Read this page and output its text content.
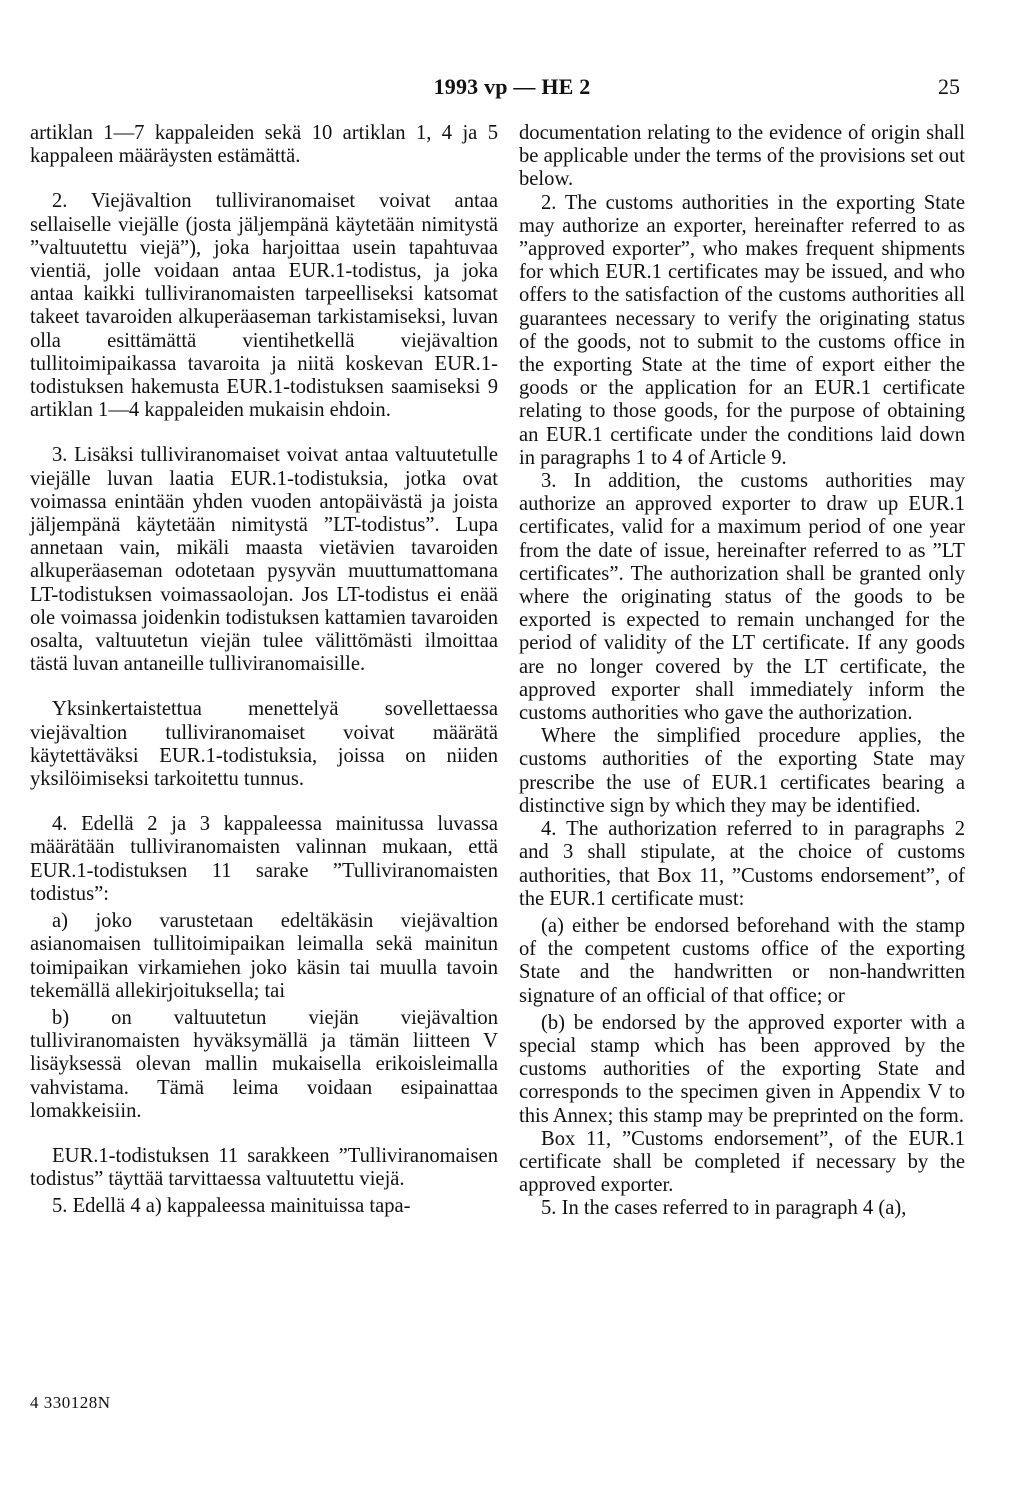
1993 vp — HE 2	25

artiklan 1—7 kappaleiden sekä 10 artiklan 1, 4 ja 5 kappaleen määräysten estämättä.

2. Viejävaltion tulliviranomaiset voivat antaa sellaiselle viejälle (josta jäljempänä käytetään nimitystä ”valtuutettu viejä”), joka harjoittaa usein tapahtuvaa vientiä, jolle voidaan antaa EUR.1-todistus, ja joka antaa kaikki tulliviranomaisten tarpeelliseksi katsomat takeet tavaroiden alkuperäaseman tarkistamiseksi, luvan olla esittämättä vientihetkellä viejävaltion tullitoimipaikassa tavaroita ja niitä koskevan EUR.1-todistuksen hakemusta EUR.1-todistuksen saamiseksi 9 artiklan 1—4 kappaleiden mukaisin ehdoin.

3. Lisäksi tulliviranomaiset voivat antaa valtuutetulle viejälle luvan laatia EUR.1-todistuksia, jotka ovat voimassa enintään yhden vuoden antopäivästä ja joista jäljempänä käytetään nimitystä ”LT-todistus”. Lupa annetaan vain, mikäli maasta vietävien tavaroiden alkuperäaseman odotetaan pysyvän muuttumattomana LT-todistuksen voimassaolojan. Jos LT-todistus ei enää ole voimassa joidenkin todistuksen kattamien tavaroiden osalta, valtuutetun viejän tulee välittömästi ilmoittaa tästä luvan antaneille tulliviranomaisille.

Yksinkertaistettua menettelyä sovellettaessa viejävaltion tulliviranomaiset voivat määrätä käytettäväksi EUR.1-todistuksia, joissa on niiden yksilöimiseksi tarkoitettu tunnus.

4. Edellä 2 ja 3 kappaleessa mainitussa luvassa määrätään tulliviranomaisten valinnan mukaan, että EUR.1-todistuksen 11 sarake ”Tulliviranomaisten todistus”:

a) joko varustetaan edeltäkäsin viejävaltion asianomaisen tullitoimipaikan leimalla sekä mainitun toimipaikan virkamiehen joko käsin tai muulla tavoin tekemällä allekirjoituksella; tai

b) on valtuutetun viejän viejävaltion tulliviranomaisten hyväksymällä ja tämän liitteen V lisäyksessä olevan mallin mukaisella erikoisleimalla vahvistama. Tämä leima voidaan esipainattaa lomakkeisiin.

EUR.1-todistuksen 11 sarakkeen ”Tulliviranomaisen todistus” täyttää tarvittaessa valtuutettu viejä.

5. Edellä 4 a) kappaleessa mainituissa tapa-

documentation relating to the evidence of origin shall be applicable under the terms of the provisions set out below.

2. The customs authorities in the exporting State may authorize an exporter, hereinafter referred to as ”approved exporter”, who makes frequent shipments for which EUR.1 certificates may be issued, and who offers to the satisfaction of the customs authorities all guarantees necessary to verify the originating status of the goods, not to submit to the customs office in the exporting State at the time of export either the goods or the application for an EUR.1 certificate relating to those goods, for the purpose of obtaining an EUR.1 certificate under the conditions laid down in paragraphs 1 to 4 of Article 9.

3. In addition, the customs authorities may authorize an approved exporter to draw up EUR.1 certificates, valid for a maximum period of one year from the date of issue, hereinafter referred to as ”LT certificates”. The authorization shall be granted only where the originating status of the goods to be exported is expected to remain unchanged for the period of validity of the LT certificate. If any goods are no longer covered by the LT certificate, the approved exporter shall immediately inform the customs authorities who gave the authorization.

Where the simplified procedure applies, the customs authorities of the exporting State may prescribe the use of EUR.1 certificates bearing a distinctive sign by which they may be identified.

4. The authorization referred to in paragraphs 2 and 3 shall stipulate, at the choice of customs authorities, that Box 11, ”Customs endorsement”, of the EUR.1 certificate must:

(a) either be endorsed beforehand with the stamp of the competent customs office of the exporting State and the handwritten or non-handwritten signature of an official of that office; or

(b) be endorsed by the approved exporter with a special stamp which has been approved by the customs authorities of the exporting State and corresponds to the specimen given in Appendix V to this Annex; this stamp may be preprinted on the form.

Box 11, ”Customs endorsement”, of the EUR.1 certificate shall be completed if necessary by the approved exporter.

5. In the cases referred to in paragraph 4 (a),

4 330128N
